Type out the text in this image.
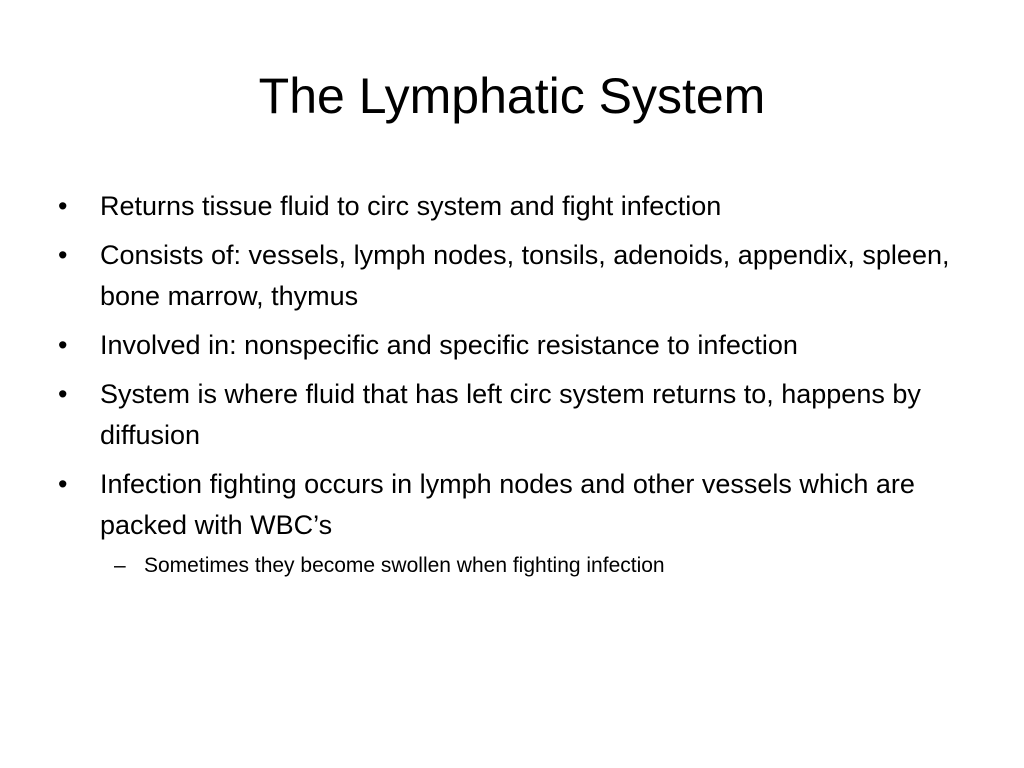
The Lymphatic System
•	Returns tissue fluid to circ system and fight infection
•	Consists of: vessels, lymph nodes, tonsils, adenoids, appendix, spleen, bone marrow, thymus
•	Involved in: nonspecific and specific resistance to infection
•	System is where fluid that has left circ system returns to, happens by diffusion
•	Infection fighting occurs in lymph nodes and other vessels which are packed with WBC’s
– Sometimes they become swollen when fighting infection
